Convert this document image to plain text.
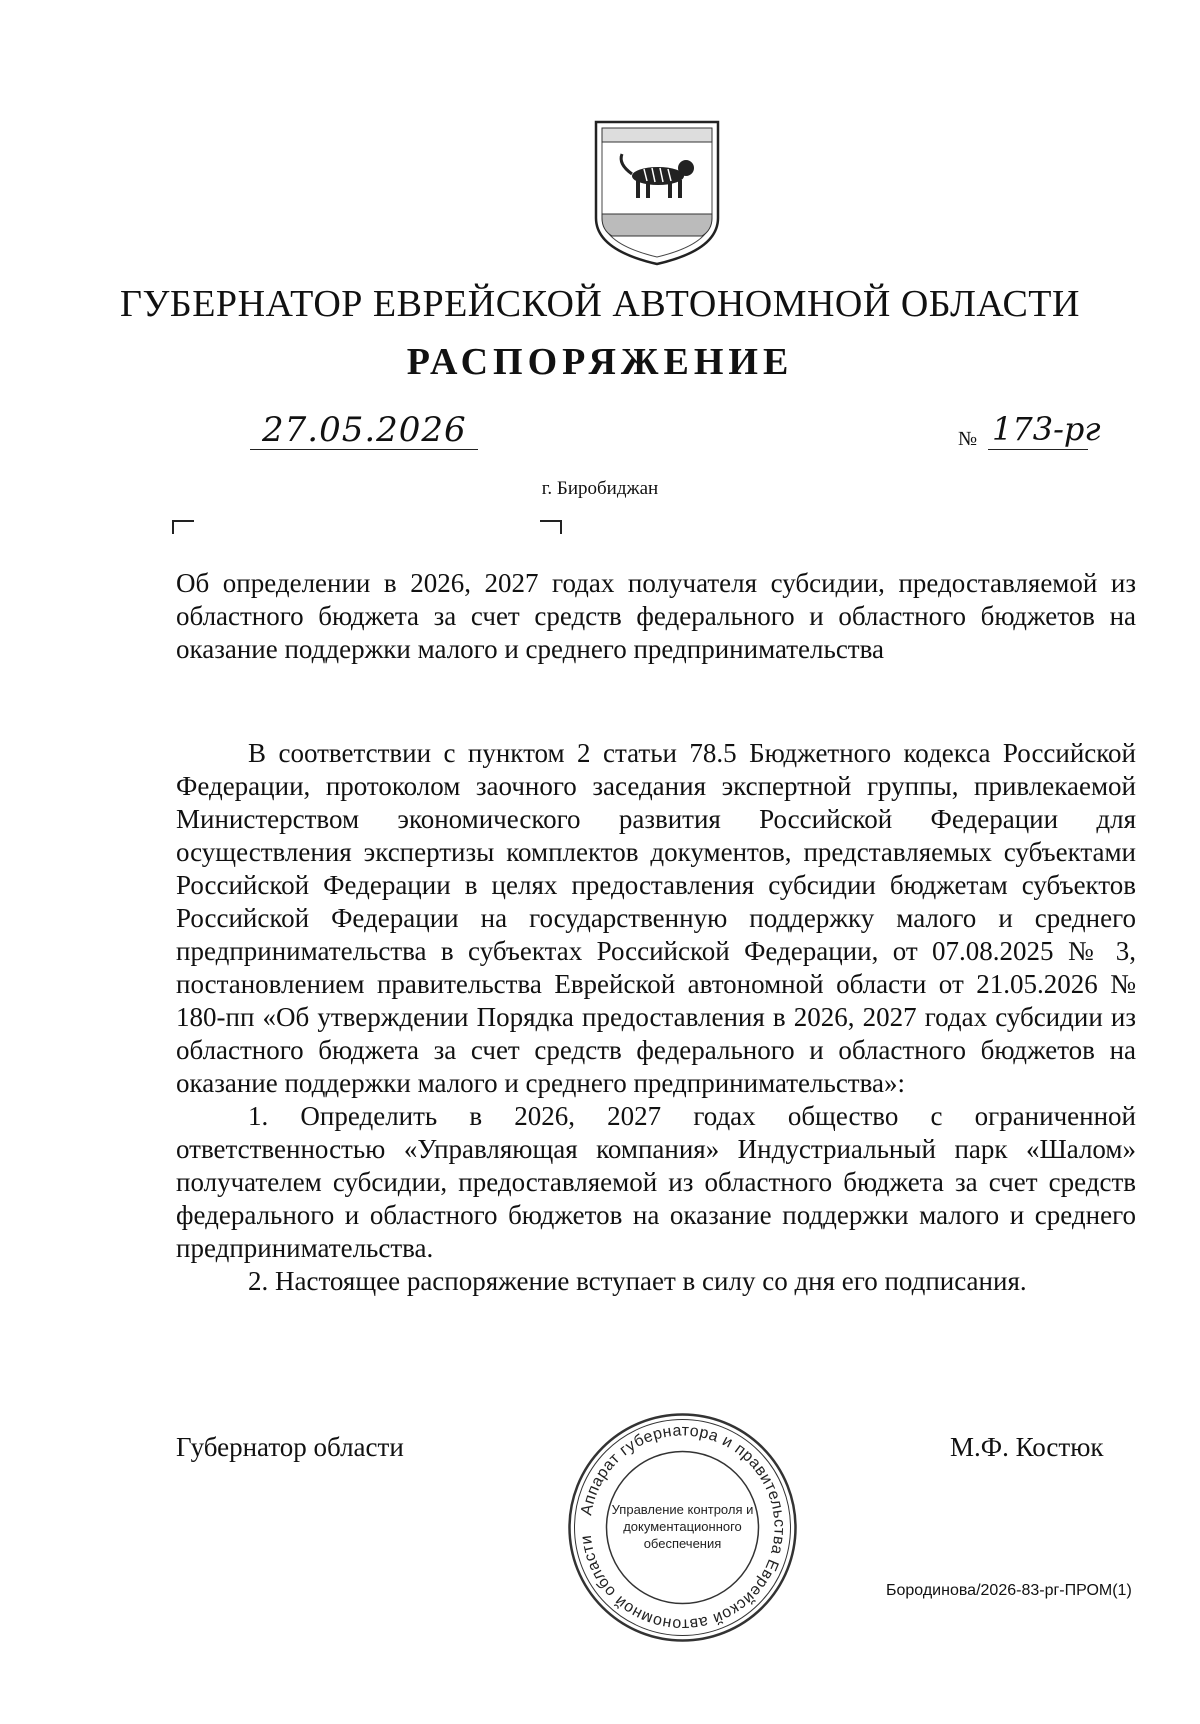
ГУБЕРНАТОР ЕВРЕЙСКОЙ АВТОНОМНОЙ ОБЛАСТИ
РАСПОРЯЖЕНИЕ
27.05.2026	№ 173-рг
г. Биробиджан
Об определении в 2026, 2027 годах получателя субсидии, предоставляемой из областного бюджета за счет средств федерального и областного бюджетов на оказание поддержки малого и среднего предпринимательства

В соответствии с пунктом 2 статьи 78.5 Бюджетного кодекса Российской Федерации, протоколом заочного заседания экспертной группы, привлекаемой Министерством экономического развития Российской Федерации для осуществления экспертизы комплектов документов, представляемых субъектами Российской Федерации в целях предоставления субсидии бюджетам субъектов Российской Федерации на государственную поддержку малого и среднего предпринимательства в субъектах Российской Федерации, от 07.08.2025 № 3, постановлением правительства Еврейской автономной области от 21.05.2026 № 180-пп «Об утверждении Порядка предоставления в 2026, 2027 годах субсидии из областного бюджета за счет средств федерального и областного бюджетов на оказание поддержки малого и среднего предпринимательства»:

1. Определить в 2026, 2027 годах общество с ограниченной ответственностью «Управляющая компания» Индустриальный парк «Шалом» получателем субсидии, предоставляемой из областного бюджета за счет средств федерального и областного бюджетов на оказание поддержки малого и среднего предпринимательства.

2. Настоящее распоряжение вступает в силу со дня его подписания.

Губернатор области	М.Ф. Костюк
Аппарат губернатора и правительства Еврейской автономной области
Управление контроля и
документационного
обеспечения
Бородинова/2026-83-рг-ПРОМ(1)
